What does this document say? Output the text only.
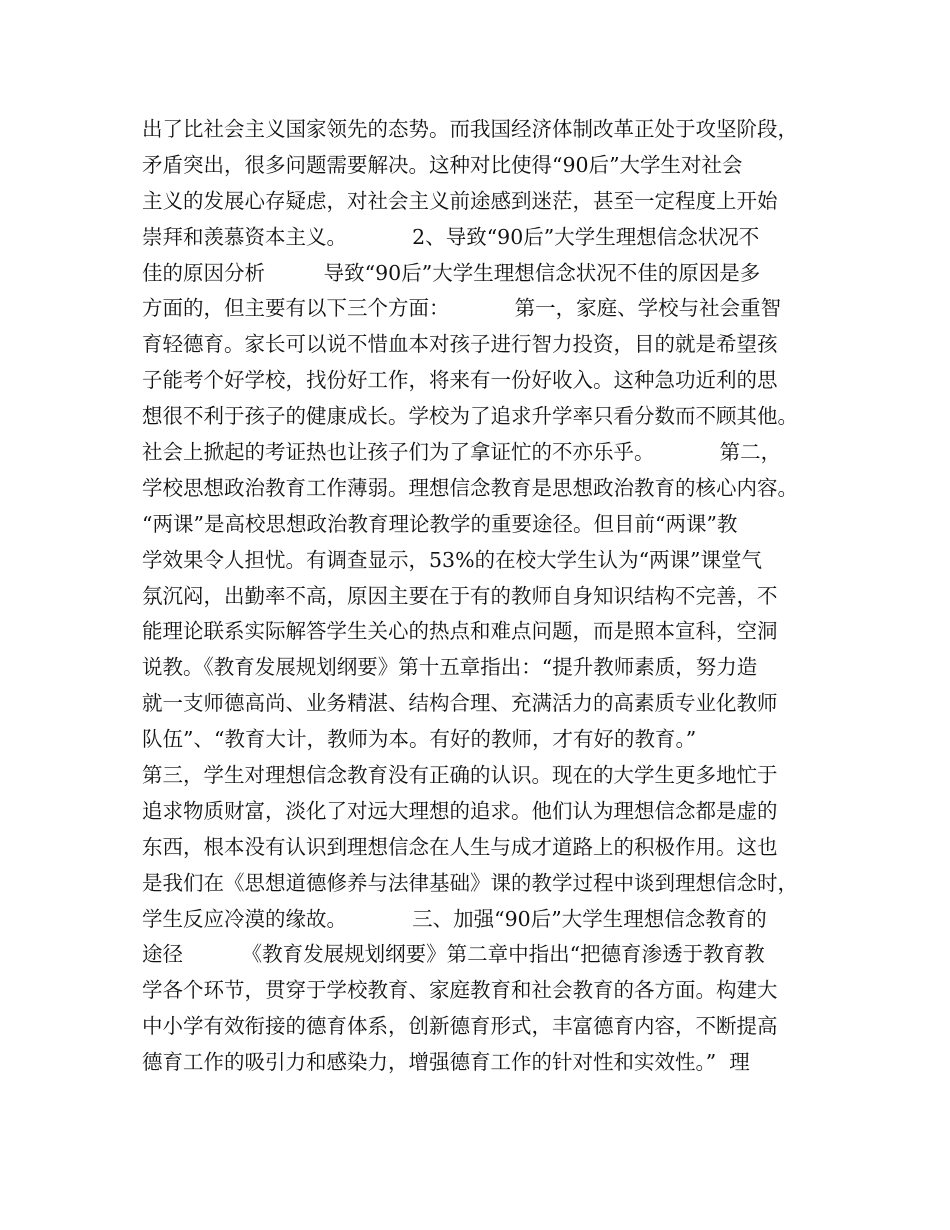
出了比社会主义国家领先的态势。而我国经济体制改革正处于攻坚阶段，
矛盾突出，很多问题需要解决。这种对比使得“90后”大学生对社会
主义的发展心存疑虑，对社会主义前途感到迷茫，甚至一定程度上开始
崇拜和羡慕资本主义。          2、导致“90后”大学生理想信念状况不
佳的原因分析         导致“90后”大学生理想信念状况不佳的原因是多
方面的，但主要有以下三个方面：          第一，家庭、学校与社会重智
育轻德育。家长可以说不惜血本对孩子进行智力投资，目的就是希望孩
子能考个好学校，找份好工作，将来有一份好收入。这种急功近利的思
想很不利于孩子的健康成长。学校为了追求升学率只看分数而不顾其他。
社会上掀起的考证热也让孩子们为了拿证忙的不亦乐乎。          第二，
学校思想政治教育工作薄弱。理想信念教育是思想政治教育的核心内容。
“两课”是高校思想政治教育理论教学的重要途径。但目前“两课”教
学效果令人担忧。有调查显示，53%的在校大学生认为“两课”课堂气
氛沉闷，出勤率不高，原因主要在于有的教师自身知识结构不完善，不
能理论联系实际解答学生关心的热点和难点问题，而是照本宣科，空洞
说教。《教育发展规划纲要》第十五章指出：“提升教师素质，努力造
就一支师德高尚、业务精湛、结构合理、充满活力的高素质专业化教师
队伍”、“教育大计，教师为本。有好的教师，才有好的教育。”
第三，学生对理想信念教育没有正确的认识。现在的大学生更多地忙于
追求物质财富，淡化了对远大理想的追求。他们认为理想信念都是虚的
东西，根本没有认识到理想信念在人生与成才道路上的积极作用。这也
是我们在《思想道德修养与法律基础》课的教学过程中谈到理想信念时，
学生反应冷漠的缘故。          三、加强“90后”大学生理想信念教育的
途径         《教育发展规划纲要》第二章中指出“把德育渗透于教育教
学各个环节，贯穿于学校教育、家庭教育和社会教育的各方面。构建大
中小学有效衔接的德育体系，创新德育形式，丰富德育内容，不断提高
德育工作的吸引力和感染力，增强德育工作的针对性和实效性。”  理
